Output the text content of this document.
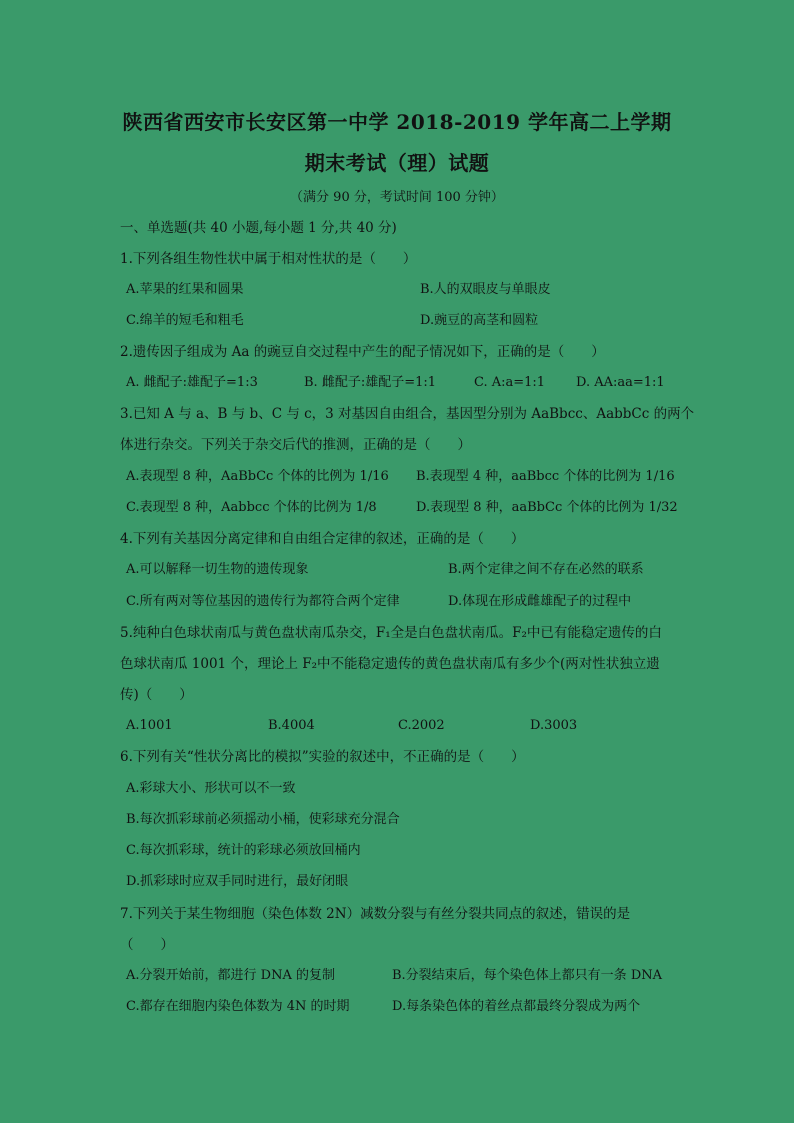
陕西省西安市长安区第一中学 2018-2019 学年高二上学期
期末考试（理）试题
（满分 90 分，考试时间 100 分钟）
一、单选题(共 40 小题,每小题 1 分,共 40 分)
1.下列各组生物性状中属于相对性状的是（　　）
A.苹果的红果和圆果	B.人的双眼皮与单眼皮
C.绵羊的短毛和粗毛	D.豌豆的高茎和圆粒
2.遗传因子组成为 Aa 的豌豆自交过程中产生的配子情况如下，正确的是（　　）
A. 雌配子:雄配子=1:3	B. 雌配子:雄配子=1:1	C. A:a=1:1 D. AA:aa=1:1
3.已知 A 与 a、B 与 b、C 与 c，3 对基因自由组合，基因型分别为 AaBbcc、AabbCc 的两个
体进行杂交。下列关于杂交后代的推测，正确的是（　　）
A.表现型 8 种，AaBbCc 个体的比例为 1/16 B.表现型 4 种，aaBbcc 个体的比例为 1/16
C.表现型 8 种，Aabbcc 个体的比例为 1/8	D.表现型 8 种，aaBbCc 个体的比例为 1/32
4.下列有关基因分离定律和自由组合定律的叙述，正确的是（　　）
A.可以解释一切生物的遗传现象	B.两个定律之间不存在必然的联系
C.所有两对等位基因的遗传行为都符合两个定律	D.体现在形成雌雄配子的过程中
5.纯种白色球状南瓜与黄色盘状南瓜杂交，F₁全是白色盘状南瓜。F₂中已有能稳定遗传的白
色球状南瓜 1001 个，理论上 F₂中不能稳定遗传的黄色盘状南瓜有多少个(两对性状独立遗
传)（　　）
A.1001	B.4004	C.2002	D.3003
6.下列有关“性状分离比的模拟”实验的叙述中，不正确的是（　　）
A.彩球大小、形状可以不一致
B.每次抓彩球前必须摇动小桶，使彩球充分混合
C.每次抓彩球，统计的彩球必须放回桶内
D.抓彩球时应双手同时进行，最好闭眼
7.下列关于某生物细胞（染色体数 2N）减数分裂与有丝分裂共同点的叙述，错误的是
（　　）
A.分裂开始前，都进行 DNA 的复制	B.分裂结束后，每个染色体上都只有一条 DNA
C.都存在细胞内染色体数为 4N 的时期	D.每条染色体的着丝点都最终分裂成为两个
